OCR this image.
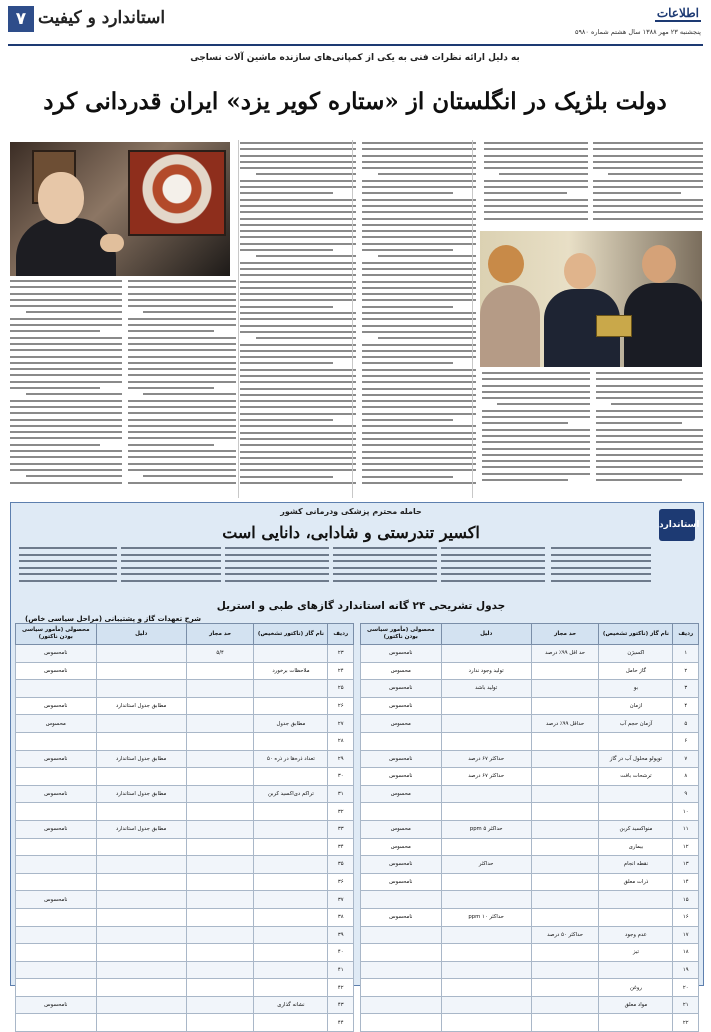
۷ استاندارد و کیفیت	اطلاعات
پنجشنبه ۲۳ مهر ۱۳۸۸ سال هشتم شماره ۵۹۸۰
به دلیل ارائه نظرات فنی به یکی از کمپانی‌های سازنده ماشین آلات نساجی
دولت بلژیک در انگلستان از «ستاره کویر یزد» ایران قدردانی کرد
استاندارد
حامله محترم پزشکی ودرمانی کشور
اکسیر تندرستی و شادابی، دانایی است
جدول تشریحی ۲۴ گانه استاندارد گازهای طبی و استریل
شرح تعهدات گاز و پشتیبانی (مراحل سیاسی خاص)
ردیف	نام گاز (ناکتور تشخیص)	حد مجاز	دلیل	محصولی (مأمور سیاسی بودن ناکتور)
۱	اکسیژن	حد اقل ۹۹٪ درصد		نامحسوس
۲	گاز حامل		تولید وجود ندارد	محسوس
۳	بو		تولید باشد	نامحسوس
۴	ازمان			نامحسوس
۵	آزمان حجم آب	حداقل ۹۹٪ درصد		محسوس
۶				
۷	توپولو محلول آب در گاز		حداکثر ۶۷ درصد	نامحسوس
۸	ترشحات بافت		حداکثر ۶۷ درصد	نامحسوس
۹				محسوس
۱۰				
۱۱	منواکسید کربن		حداکثر ۵ ppm	محسوس
۱۲	بیماری			محسوس
۱۳	نقطه انجام		حداکثر	نامحسوس
۱۴	ذرات معلق			نامحسوس
۱۵				
۱۶			حداکثر ۱۰ ppm	نامحسوس
۱۷	عدم وجود	حداکثر ۵۰ درصد		
۱۸	تیز			
۱۹				
۲۰	روغن			
۲۱	مواد معلق			
۲۲				
ردیف	نام گاز (ناکتور تشخیص)	حد مجاز	دلیل	محصولی (مأمور سیاسی بودن ناکتور)
۲۳		۵/۴		نامحسوس
۲۴	ملاحظات برخورد			نامحسوس
۲۵				
۲۶			مطابق جدول استاندارد	نامحسوس
۲۷	مطابق جدول			محسوس
۲۸				
۲۹	تعداد ذره‌ها در ذره ۵۰		مطابق جدول استاندارد	نامحسوس
۳۰				
۳۱	تراکم دی‌اکسید کربن		مطابق جدول استاندارد	نامحسوس
۳۲				
۳۳			مطابق جدول استاندارد	نامحسوس
۳۴				
۳۵				
۳۶				
۳۷				نامحسوس
۳۸				
۳۹				
۴۰				
۴۱				
۴۲				
۴۳	نشانه گذاری			نامحسوس
۴۴				
